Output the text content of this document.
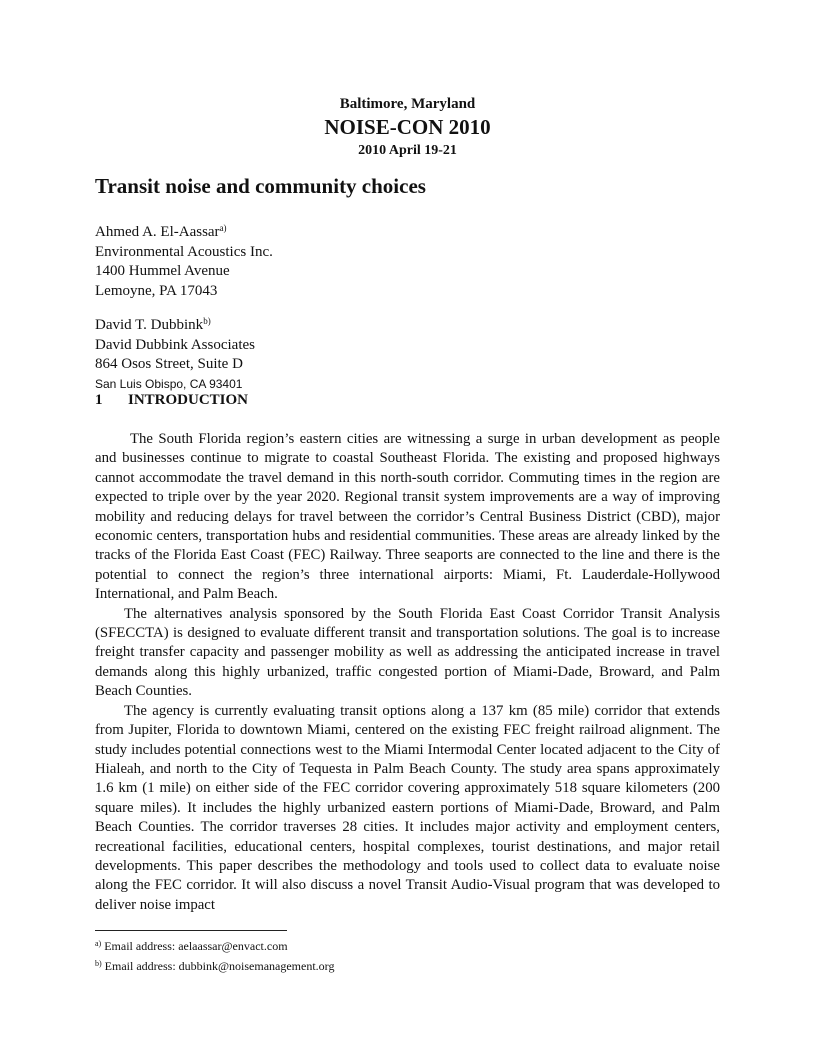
Baltimore, Maryland

NOISE-CON 2010

2010 April 19-21

Transit noise and community choices
Ahmed A. El-Aassar$^{a)}$
Environmental Acoustics Inc.
1400 Hummel Avenue
Lemoyne, PA 17043
David T. Dubbink$^{b)}$
David Dubbink Associates
864 Osos Street, Suite D
San Luis Obispo, CA 93401
1 INTRODUCTION

The South Florida region’s eastern cities are witnessing a surge in urban development as people and businesses continue to migrate to coastal Southeast Florida. The existing and proposed highways cannot accommodate the travel demand in this north-south corridor. Commuting times in the region are expected to triple over by the year 2020. Regional transit system improvements are a way of improving mobility and reducing delays for travel between the corridor’s Central Business District (CBD), major economic centers, transportation hubs and residential communities. These areas are already linked by the tracks of the Florida East Coast (FEC) Railway. Three seaports are connected to the line and there is the potential to connect the region’s three international airports: Miami, Ft. Lauderdale-Hollywood International, and Palm Beach.

The alternatives analysis sponsored by the South Florida East Coast Corridor Transit Analysis (SFECCTA) is designed to evaluate different transit and transportation solutions. The goal is to increase freight transfer capacity and passenger mobility as well as addressing the anticipated increase in travel demands along this highly urbanized, traffic congested portion of Miami-Dade, Broward, and Palm Beach Counties.

The agency is currently evaluating transit options along a 137 km (85 mile) corridor that extends from Jupiter, Florida to downtown Miami, centered on the existing FEC freight railroad alignment. The study includes potential connections west to the Miami Intermodal Center located adjacent to the City of Hialeah, and north to the City of Tequesta in Palm Beach County. The study area spans approximately 1.6 km (1 mile) on either side of the FEC corridor covering approximately 518 square kilometers (200 square miles). It includes the highly urbanized eastern portions of Miami-Dade, Broward, and Palm Beach Counties. The corridor traverses 28 cities. It includes major activity and employment centers, recreational facilities, educational centers, hospital complexes, tourist destinations, and major retail developments. This paper describes the methodology and tools used to collect data to evaluate noise along the FEC corridor. It will also discuss a novel Transit Audio-Visual program that was developed to deliver noise impact

$^{a)}$ Email address: aelaassar@envact.com
$^{b)}$ Email address: dubbink@noisemanagement.org
